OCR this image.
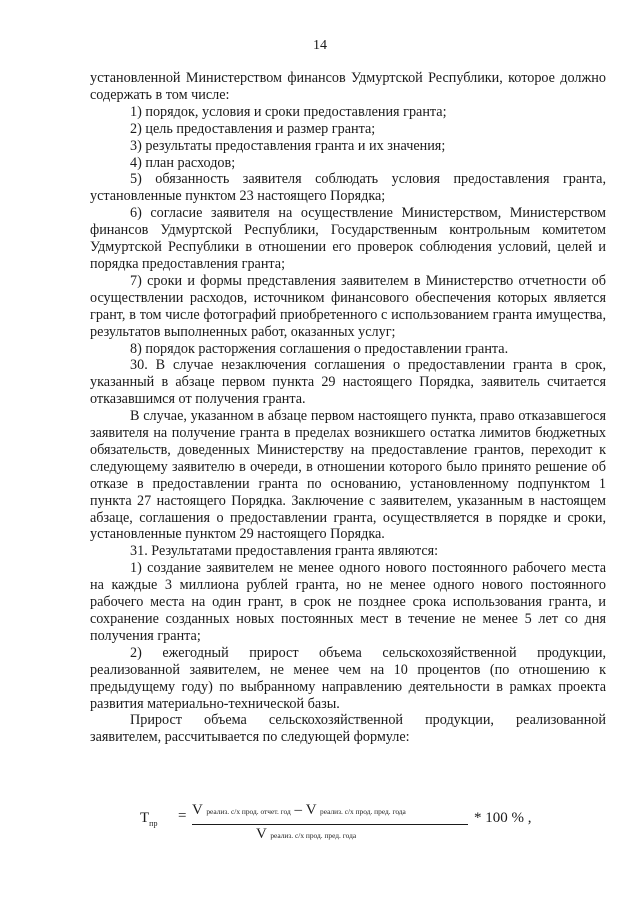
14

установленной Министерством финансов Удмуртской Республики, которое должно содержать в том числе:

1) порядок, условия и сроки предоставления гранта;

2) цель предоставления и размер гранта;

3) результаты предоставления гранта и их значения;

4) план расходов;

5) обязанность заявителя соблюдать условия предоставления гранта, установленные пунктом 23 настоящего Порядка;

6) согласие заявителя на осуществление Министерством, Министерством финансов Удмуртской Республики, Государственным контрольным комитетом Удмуртской Республики в отношении его проверок соблюдения условий, целей и порядка предоставления гранта;

7) сроки и формы представления заявителем в Министерство отчетности об осуществлении расходов, источником финансового обеспечения которых является грант, в том числе фотографий приобретенного с использованием гранта имущества, результатов выполненных работ, оказанных услуг;

8) порядок расторжения соглашения о предоставлении гранта.

30. В случае незаключения соглашения о предоставлении гранта в срок, указанный в абзаце первом пункта 29 настоящего Порядка, заявитель считается отказавшимся от получения гранта.

В случае, указанном в абзаце первом настоящего пункта, право отказавшегося заявителя на получение гранта в пределах возникшего остатка лимитов бюджетных обязательств, доведенных Министерству на предоставление грантов, переходит к следующему заявителю в очереди, в отношении которого было принято решение об отказе в предоставлении гранта по основанию, установленному подпунктом 1 пункта 27 настоящего Порядка. Заключение с заявителем, указанным в настоящем абзаце, соглашения о предоставлении гранта, осуществляется в порядке и сроки, установленные пунктом 29 настоящего Порядка.

31. Результатами предоставления гранта являются:

1) создание заявителем не менее одного нового постоянного рабочего места на каждые 3 миллиона рублей гранта, но не менее одного нового постоянного рабочего места на один грант, в срок не позднее срока использования гранта, и сохранение созданных новых постоянных мест в течение не менее 5 лет со дня получения гранта;

2) ежегодный прирост объема сельскохозяйственной продукции, реализованной заявителем, не менее чем на 10 процентов (по отношению к предыдущему году) по выбранному направлению деятельности в рамках проекта развития материально-технической базы.

Прирост объема сельскохозяйственной продукции, реализованной заявителем, рассчитывается по следующей формуле:

$Т_{пр} = V$ реализ. с/х прод. отчет. год – V реализ. с/х прод. пред. года
V реализ. с/х прод. пред. года
* 100 % ,
